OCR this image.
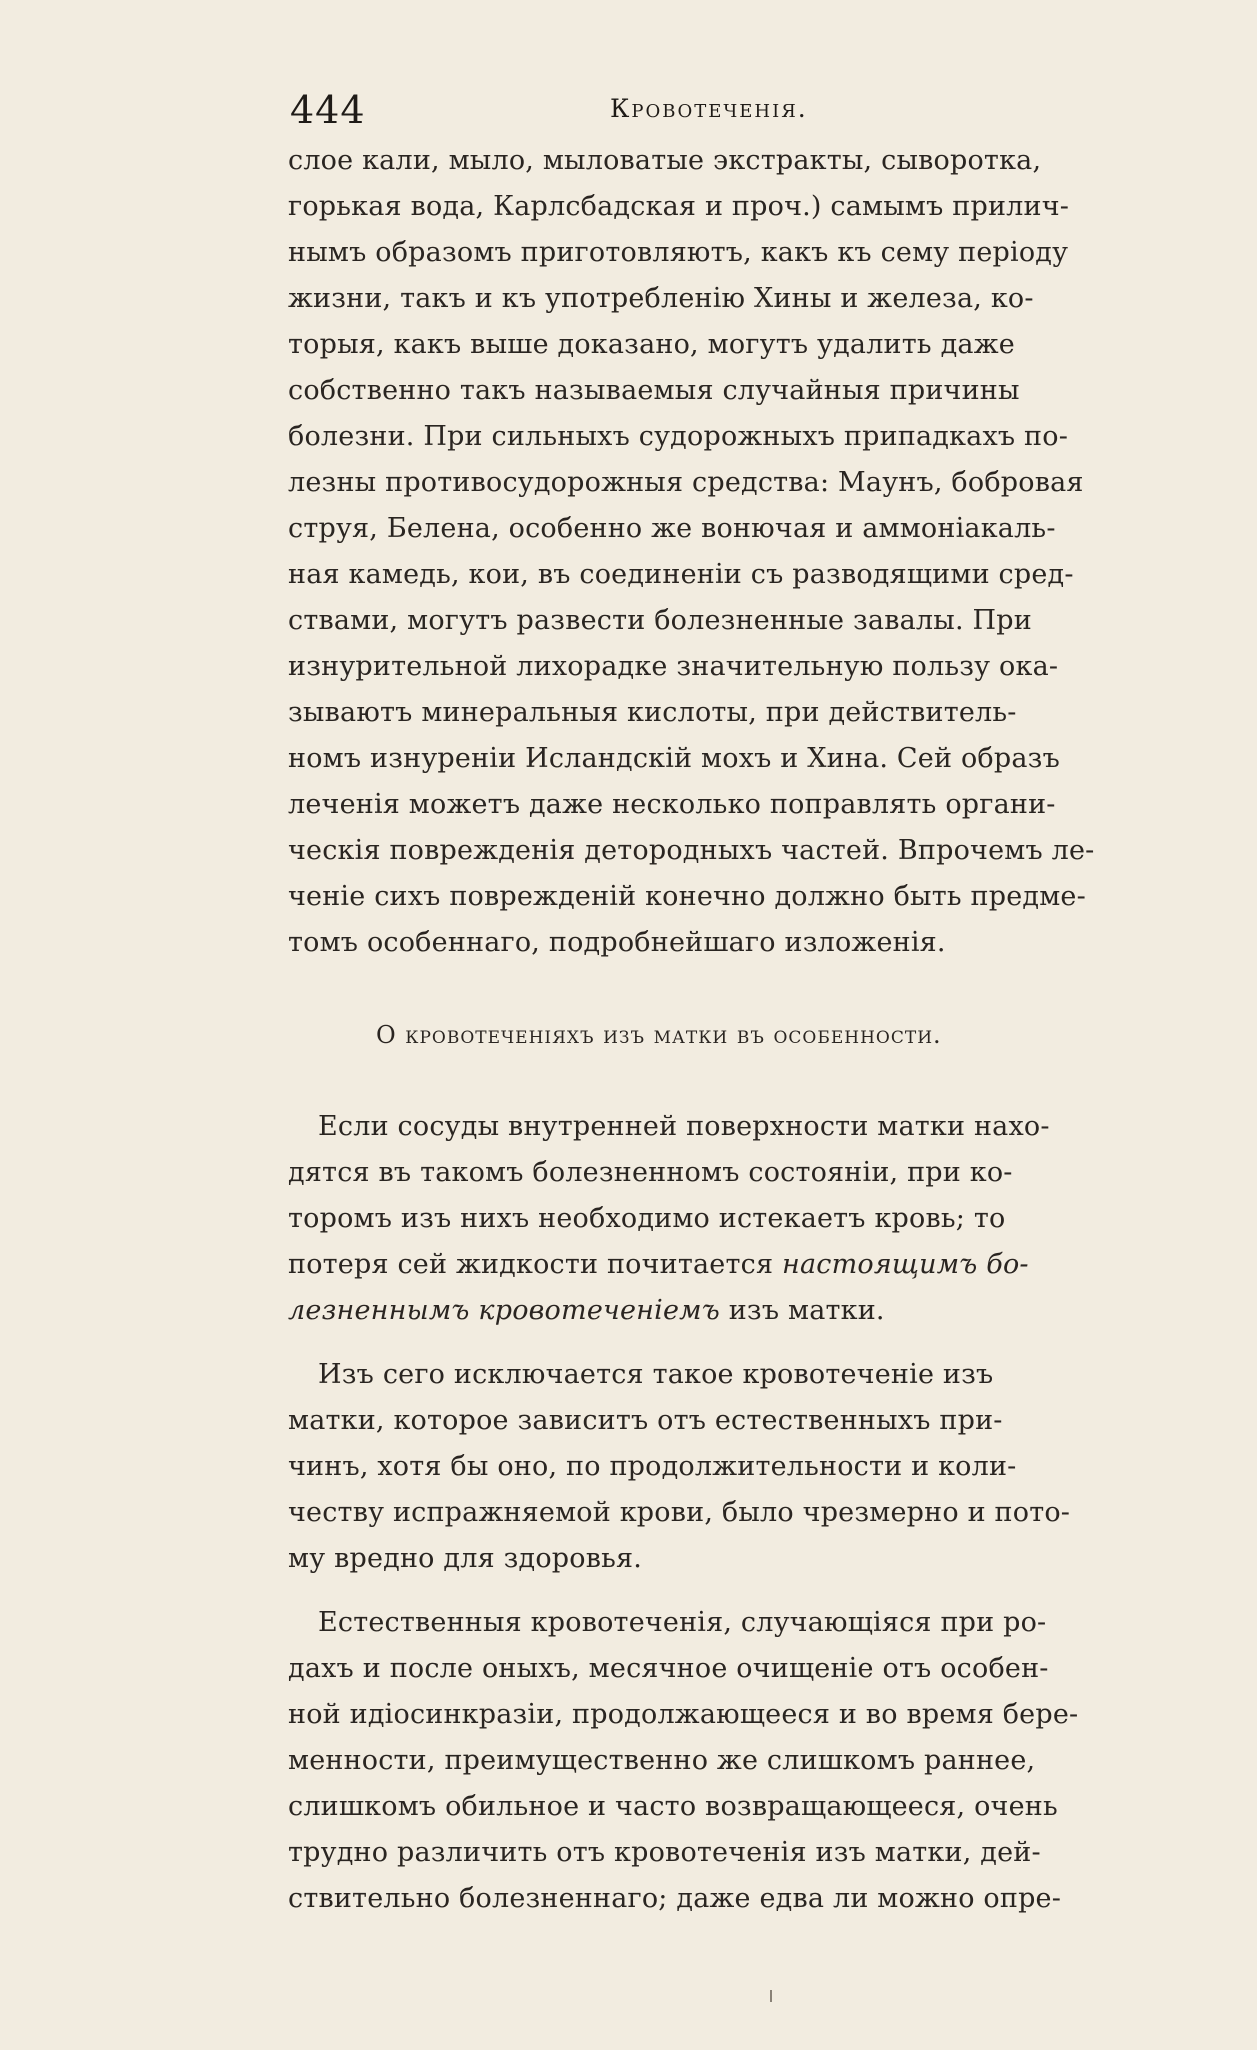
444	Кровотеченія.
слое кали, мыло, мыловатые экстракты, сыворотка,
горькая вода, Карлсбадская и проч.) самымъ прилич-
нымъ образомъ приготовляютъ, какъ къ сему періоду
жизни, такъ и къ употребленію Хины и железа, ко-
торыя, какъ выше доказано, могутъ удалить даже
собственно такъ называемыя случайныя причины
болезни. При сильныхъ судорожныхъ припадкахъ по-
лезны противосудорожныя средства: Маунъ, бобровая
струя, Белена, особенно же вонючая и аммоніакаль-
ная камедь, кои, въ соединеніи съ разводящими сред-
ствами, могутъ развести болезненные завалы. При
изнурительной лихорадке значительную пользу ока-
зываютъ минеральныя кислоты, при действитель-
номъ изнуреніи Исландскій мохъ и Хина. Сей образъ
леченія можетъ даже несколько поправлять органи-
ческія поврежденія детородныхъ частей. Впрочемъ ле-
ченіе сихъ поврежденій конечно должно быть предме-
томъ особеннаго, подробнейшаго изложенія.
О кровотеченіяхъ изъ матки въ особенности.
Если сосуды внутренней поверхности матки нахо-
дятся въ такомъ болезненномъ состояніи, при ко-
торомъ изъ нихъ необходимо истекаетъ кровь; то
потеря сей жидкости почитается настоящимъ бо-
лезненнымъ кровотеченіемъ изъ матки.
Изъ сего исключается такое кровотеченіе изъ
матки, которое зависитъ отъ естественныхъ при-
чинъ, хотя бы оно, по продолжительности и коли-
честву испражняемой крови, было чрезмерно и пото-
му вредно для здоровья.
Естественныя кровотеченія, случающіяся при ро-
дахъ и после оныхъ, месячное очищеніе отъ особен-
ной идіосинкразіи, продолжающееся и во время бере-
менности, преимущественно же слишкомъ раннее,
слишкомъ обильное и часто возвращающееся, очень
трудно различить отъ кровотеченія изъ матки, дей-
ствительно болезненнаго; даже едва ли можно опре-
